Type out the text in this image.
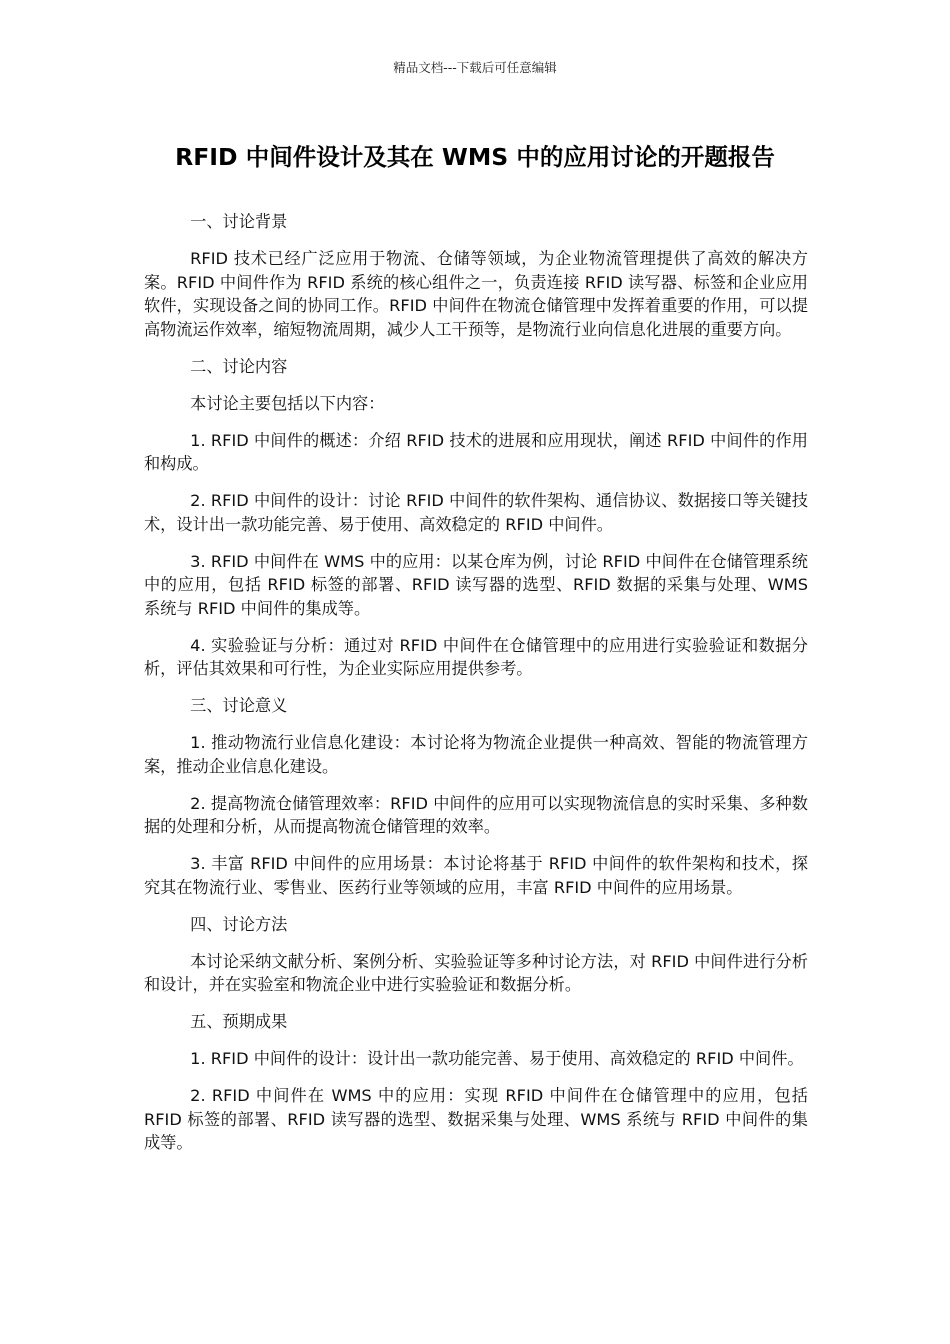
精品文档---下载后可任意编辑
RFID 中间件设计及其在 WMS 中的应用讨论的开题报告

一、讨论背景

RFID 技术已经广泛应用于物流、仓储等领域，为企业物流管理提供了高效的解决方案。RFID 中间件作为 RFID 系统的核心组件之一，负责连接 RFID 读写器、标签和企业应用软件，实现设备之间的协同工作。RFID 中间件在物流仓储管理中发挥着重要的作用，可以提高物流运作效率，缩短物流周期，减少人工干预等，是物流行业向信息化进展的重要方向。

二、讨论内容

本讨论主要包括以下内容：

1. RFID 中间件的概述：介绍 RFID 技术的进展和应用现状，阐述 RFID 中间件的作用和构成。

2. RFID 中间件的设计：讨论 RFID 中间件的软件架构、通信协议、数据接口等关键技术，设计出一款功能完善、易于使用、高效稳定的 RFID 中间件。

3. RFID 中间件在 WMS 中的应用：以某仓库为例，讨论 RFID 中间件在仓储管理系统中的应用，包括 RFID 标签的部署、RFID 读写器的选型、RFID 数据的采集与处理、WMS 系统与 RFID 中间件的集成等。

4. 实验验证与分析：通过对 RFID 中间件在仓储管理中的应用进行实验验证和数据分析，评估其效果和可行性，为企业实际应用提供参考。

三、讨论意义

1. 推动物流行业信息化建设：本讨论将为物流企业提供一种高效、智能的物流管理方案，推动企业信息化建设。

2. 提高物流仓储管理效率：RFID 中间件的应用可以实现物流信息的实时采集、多种数据的处理和分析，从而提高物流仓储管理的效率。

3. 丰富 RFID 中间件的应用场景：本讨论将基于 RFID 中间件的软件架构和技术，探究其在物流行业、零售业、医药行业等领域的应用，丰富 RFID 中间件的应用场景。

四、讨论方法

本讨论采纳文献分析、案例分析、实验验证等多种讨论方法，对 RFID 中间件进行分析和设计，并在实验室和物流企业中进行实验验证和数据分析。

五、预期成果

1. RFID 中间件的设计：设计出一款功能完善、易于使用、高效稳定的 RFID 中间件。

2. RFID 中间件在 WMS 中的应用：实现 RFID 中间件在仓储管理中的应用，包括 RFID 标签的部署、RFID 读写器的选型、数据采集与处理、WMS 系统与 RFID 中间件的集成等。
